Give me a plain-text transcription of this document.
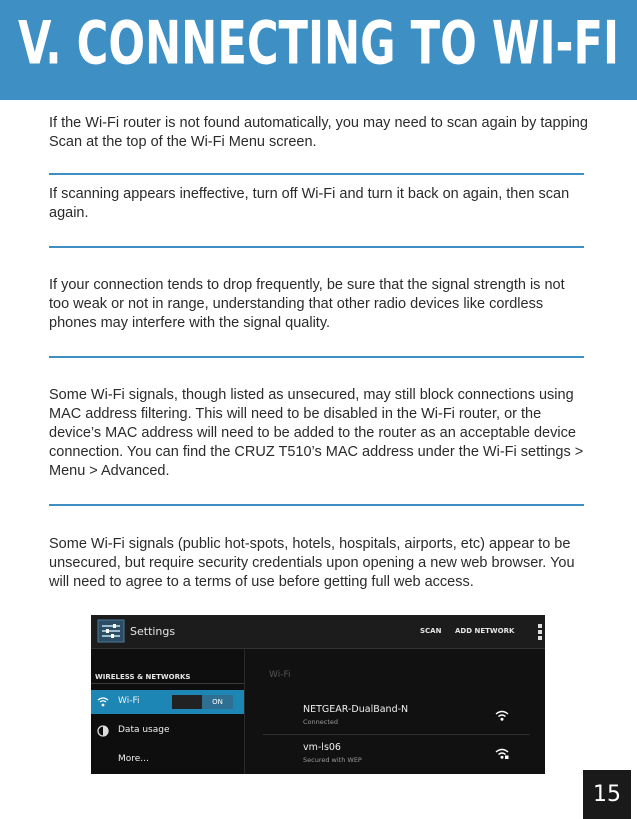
V. CONNECTING TO WI-FI

If the Wi-Fi router is not found automatically, you may need to scan again by tapping Scan at the top of the Wi-Fi Menu screen.

If scanning appears ineffective, turn off Wi-Fi and turn it back on again, then scan again.

If your connection tends to drop frequently, be sure that the signal strength is not too weak or not in range, understanding that other radio devices like cordless phones may interfere with the signal quality.

Some Wi-Fi signals, though listed as unsecured, may still block connections using MAC address filtering. This will need to be disabled in the Wi-Fi router, or the device’s MAC address will need to be added to the router as an acceptable device connection. You can find the CRUZ T510’s MAC address under the Wi-Fi settings > Menu > Advanced.

Some Wi-Fi signals (public hot-spots, hotels, hospitals, airports, etc) appear to be unsecured, but require security credentials upon opening a new web browser. You will need to agree to a terms of use before getting full web access.

Settings	SCAN ADD NETWORK
WIRELESS & NETWORKS
Wi-Fi	ON
Data usage
More...
Wi-Fi
NETGEAR-DualBand-N
Connected
vm-ls06
Secured with WEP
15
